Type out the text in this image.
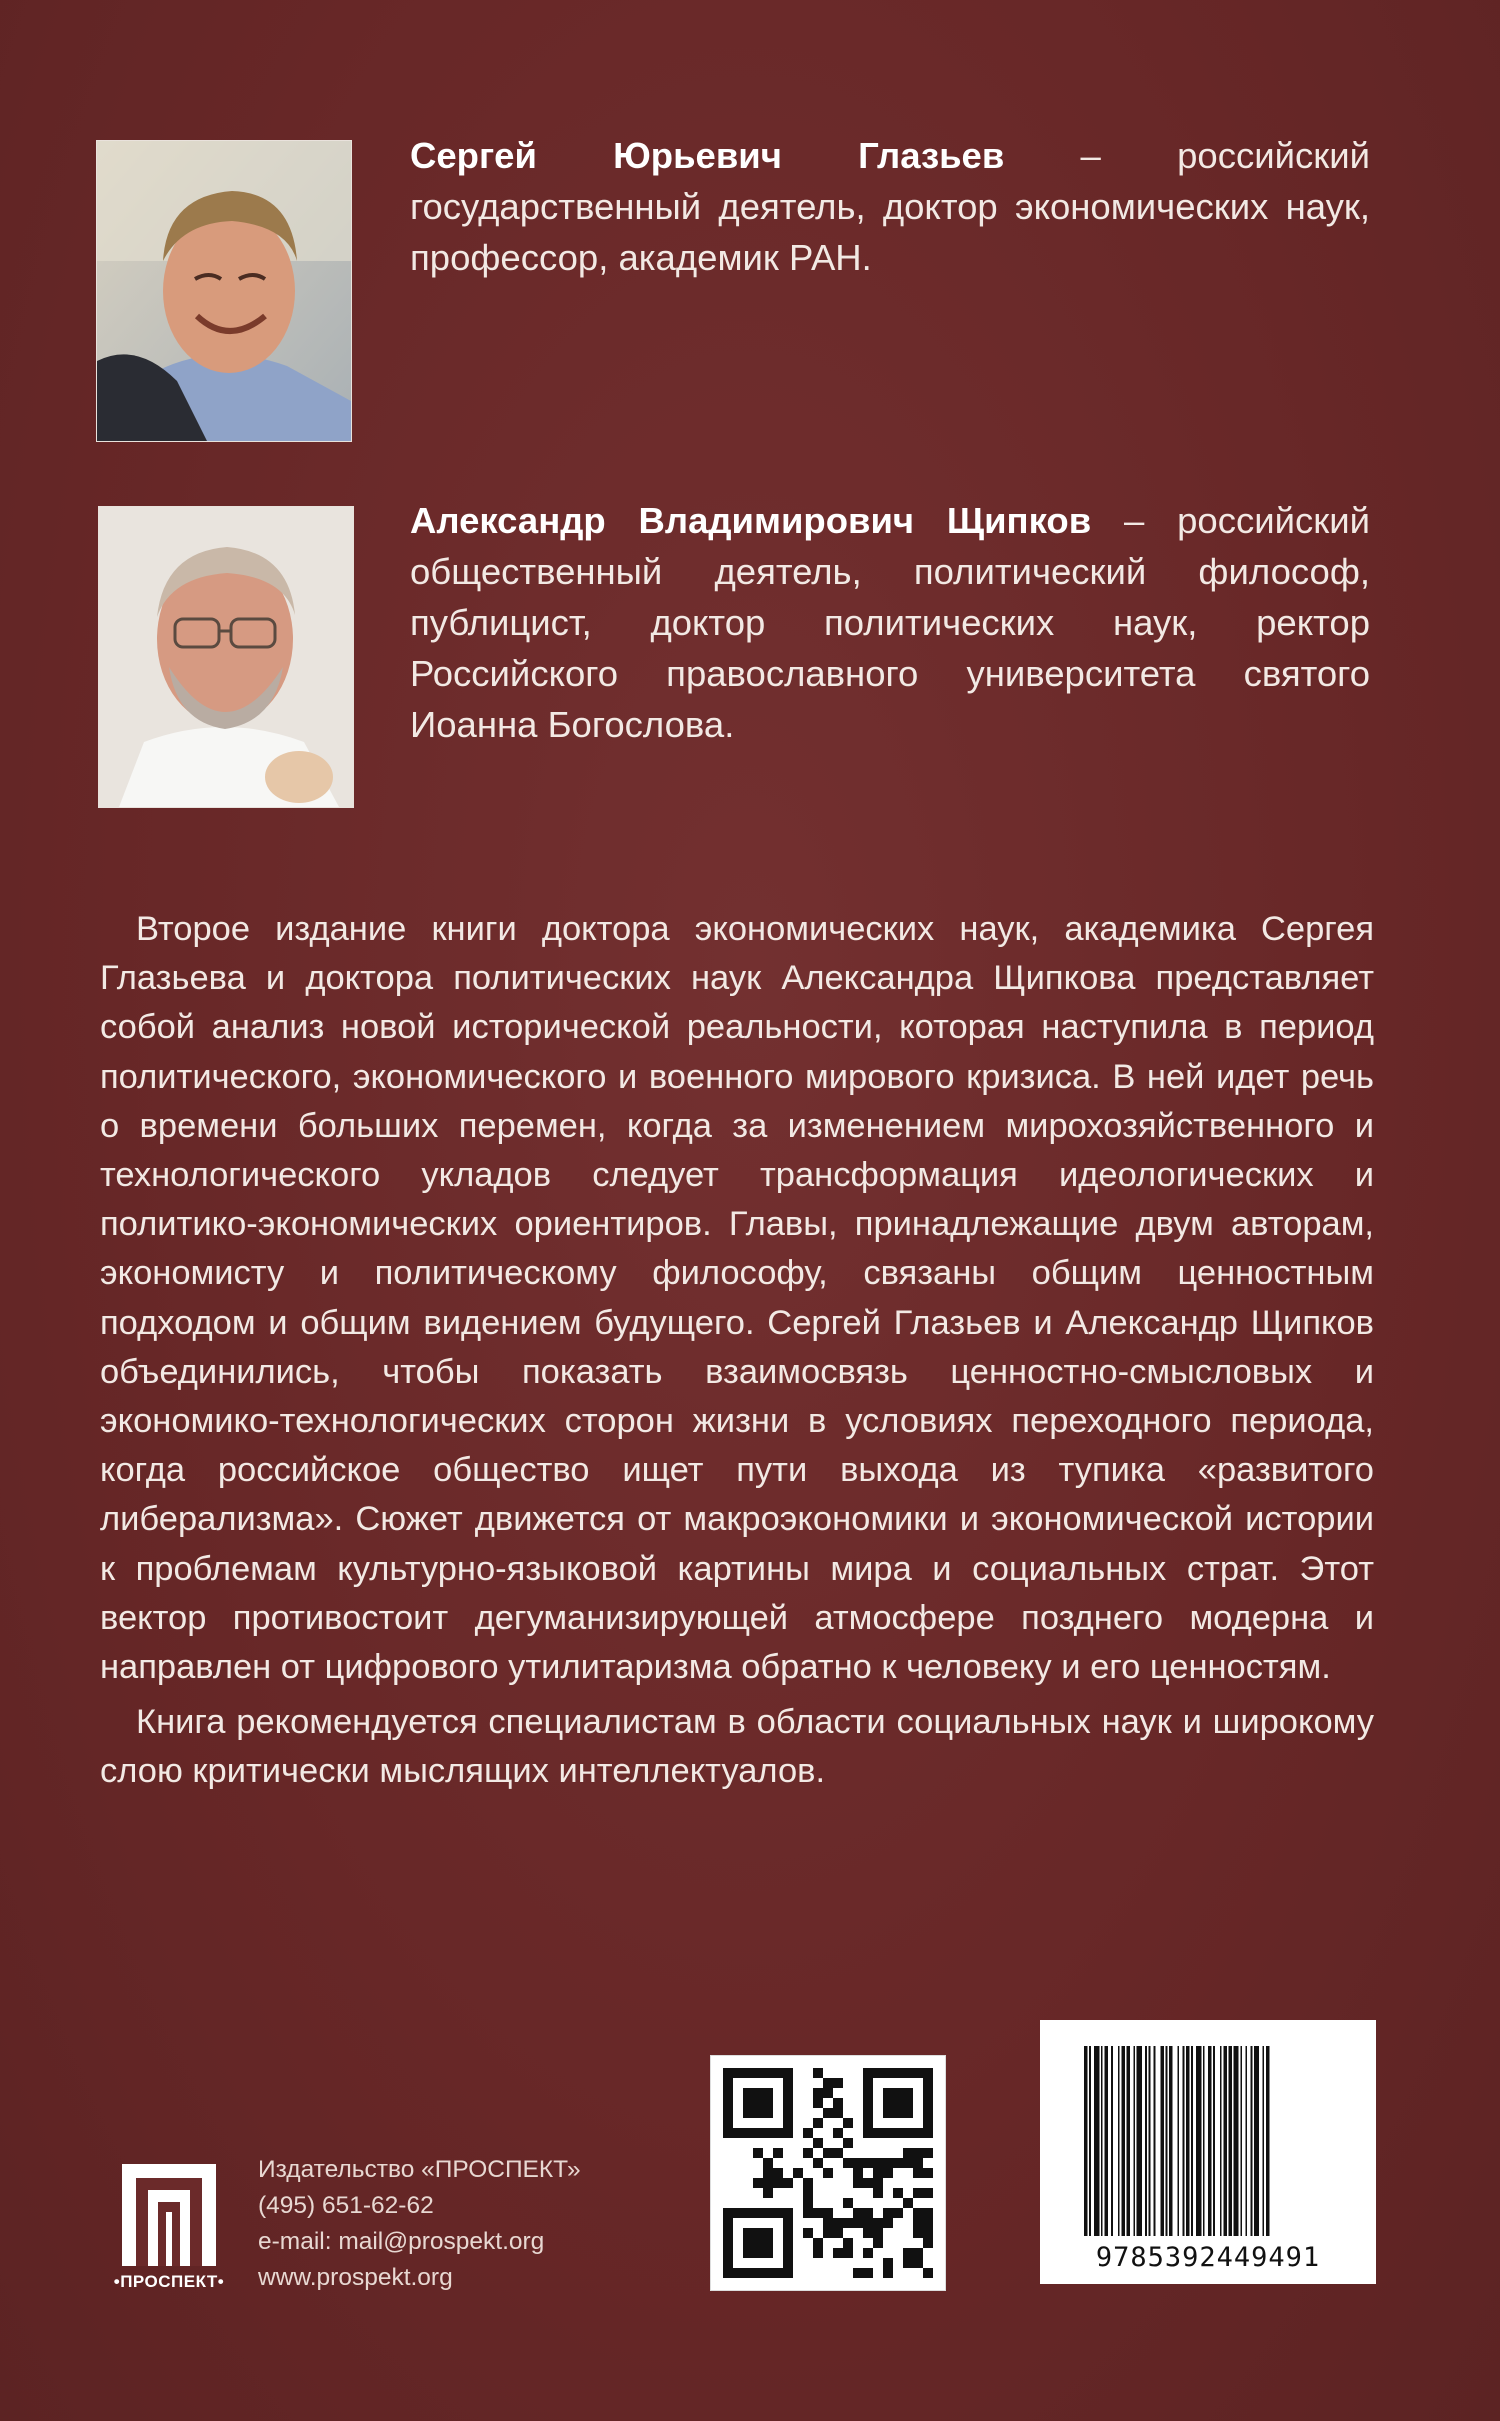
Сергей Юрьевич Глазьев – российский государственный деятель, доктор экономических наук, профессор, академик РАН.
Александр Владимирович Щипков – российский общественный деятель, политический философ, публицист, доктор политических наук, ректор Российского православного университета святого Иоанна Богослова.

Второе издание книги доктора экономических наук, академика Сергея Глазьева и доктора политических наук Александра Щипкова представляет собой анализ новой исторической реальности, которая наступила в период политического, экономического и военного мирового кризиса. В ней идет речь о времени больших перемен, когда за изменением мирохозяйственного и технологического укладов следует трансформация идеологических и политико-экономических ориентиров. Главы, принадлежащие двум авторам, экономисту и политическому философу, связаны общим ценностным подходом и общим видением будущего. Сергей Глазьев и Александр Щипков объединились, чтобы показать взаимосвязь ценностно-смысловых и экономико-технологических сторон жизни в условиях переходного периода, когда российское общество ищет пути выхода из тупика «развитого либерализма». Сюжет движется от макроэкономики и экономической истории к проблемам культурно-языковой картины мира и социальных страт. Этот вектор противостоит дегуманизирующей атмосфере позднего модерна и направлен от цифрового утилитаризма обратно к человеку и его ценностям.

Книга рекомендуется специалистам в области социальных наук и широкому слою критически мыслящих интеллектуалов.

•ПРОСПЕКТ•
Издательство «ПРОСПЕКТ»
(495) 651-62-62
e-mail: mail@prospekt.org
www.prospekt.org
9785392449491
